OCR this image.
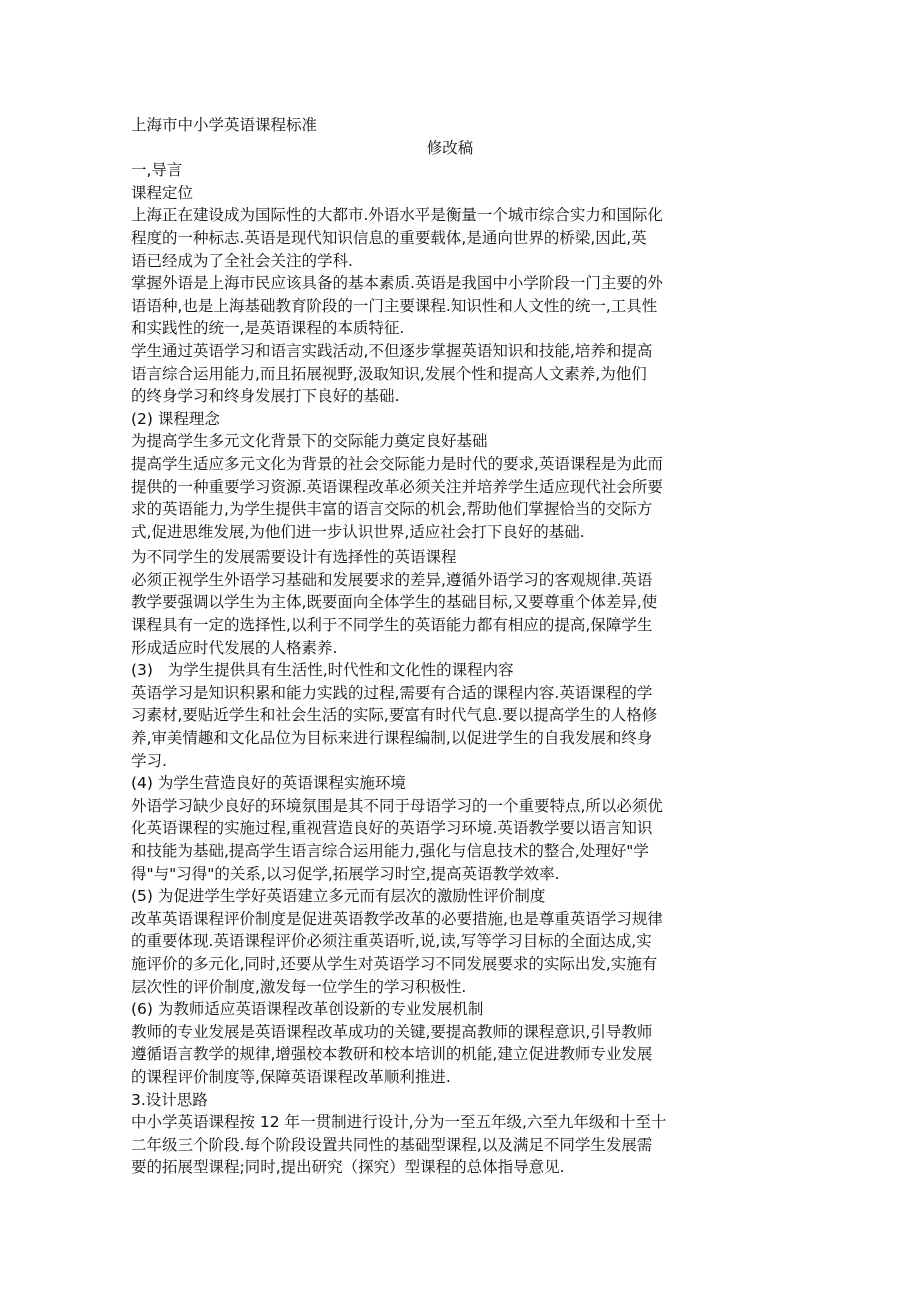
上海市中小学英语课程标准
修改稿
一,导言
课程定位
上海正在建设成为国际性的大都市.外语水平是衡量一个城市综合实力和国际化
程度的一种标志.英语是现代知识信息的重要载体,是通向世界的桥梁,因此,英
语已经成为了全社会关注的学科.
掌握外语是上海市民应该具备的基本素质.英语是我国中小学阶段一门主要的外
语语种,也是上海基础教育阶段的一门主要课程.知识性和人文性的统一,工具性
和实践性的统一,是英语课程的本质特征.
学生通过英语学习和语言实践活动,不但逐步掌握英语知识和技能,培养和提高
语言综合运用能力,而且拓展视野,汲取知识,发展个性和提高人文素养,为他们
的终身学习和终身发展打下良好的基础.
(2) 课程理念
为提高学生多元文化背景下的交际能力奠定良好基础
提高学生适应多元文化为背景的社会交际能力是时代的要求,英语课程是为此而
提供的一种重要学习资源.英语课程改革必须关注并培养学生适应现代社会所要
求的英语能力,为学生提供丰富的语言交际的机会,帮助他们掌握恰当的交际方
式,促进思维发展,为他们进一步认识世界,适应社会打下良好的基础.
为不同学生的发展需要设计有选择性的英语课程
必须正视学生外语学习基础和发展要求的差异,遵循外语学习的客观规律.英语
教学要强调以学生为主体,既要面向全体学生的基础目标,又要尊重个体差异,使
课程具有一定的选择性,以利于不同学生的英语能力都有相应的提高,保障学生
形成适应时代发展的人格素养.
(3)   为学生提供具有生活性,时代性和文化性的课程内容
英语学习是知识积累和能力实践的过程,需要有合适的课程内容.英语课程的学
习素材,要贴近学生和社会生活的实际,要富有时代气息.要以提高学生的人格修
养,审美情趣和文化品位为目标来进行课程编制,以促进学生的自我发展和终身
学习.
(4) 为学生营造良好的英语课程实施环境
外语学习缺少良好的环境氛围是其不同于母语学习的一个重要特点,所以必须优
化英语课程的实施过程,重视营造良好的英语学习环境.英语教学要以语言知识
和技能为基础,提高学生语言综合运用能力,强化与信息技术的整合,处理好"学
得"与"习得"的关系,以习促学,拓展学习时空,提高英语教学效率.
(5) 为促进学生学好英语建立多元而有层次的激励性评价制度
改革英语课程评价制度是促进英语教学改革的必要措施,也是尊重英语学习规律
的重要体现.英语课程评价必须注重英语听,说,读,写等学习目标的全面达成,实
施评价的多元化,同时,还要从学生对英语学习不同发展要求的实际出发,实施有
层次性的评价制度,激发每一位学生的学习积极性.
(6) 为教师适应英语课程改革创设新的专业发展机制
教师的专业发展是英语课程改革成功的关键,要提高教师的课程意识,引导教师
遵循语言教学的规律,增强校本教研和校本培训的机能,建立促进教师专业发展
的课程评价制度等,保障英语课程改革顺利推进.
3.设计思路
中小学英语课程按 12 年一贯制进行设计,分为一至五年级,六至九年级和十至十
二年级三个阶段.每个阶段设置共同性的基础型课程,以及满足不同学生发展需
要的拓展型课程;同时,提出研究（探究）型课程的总体指导意见.
